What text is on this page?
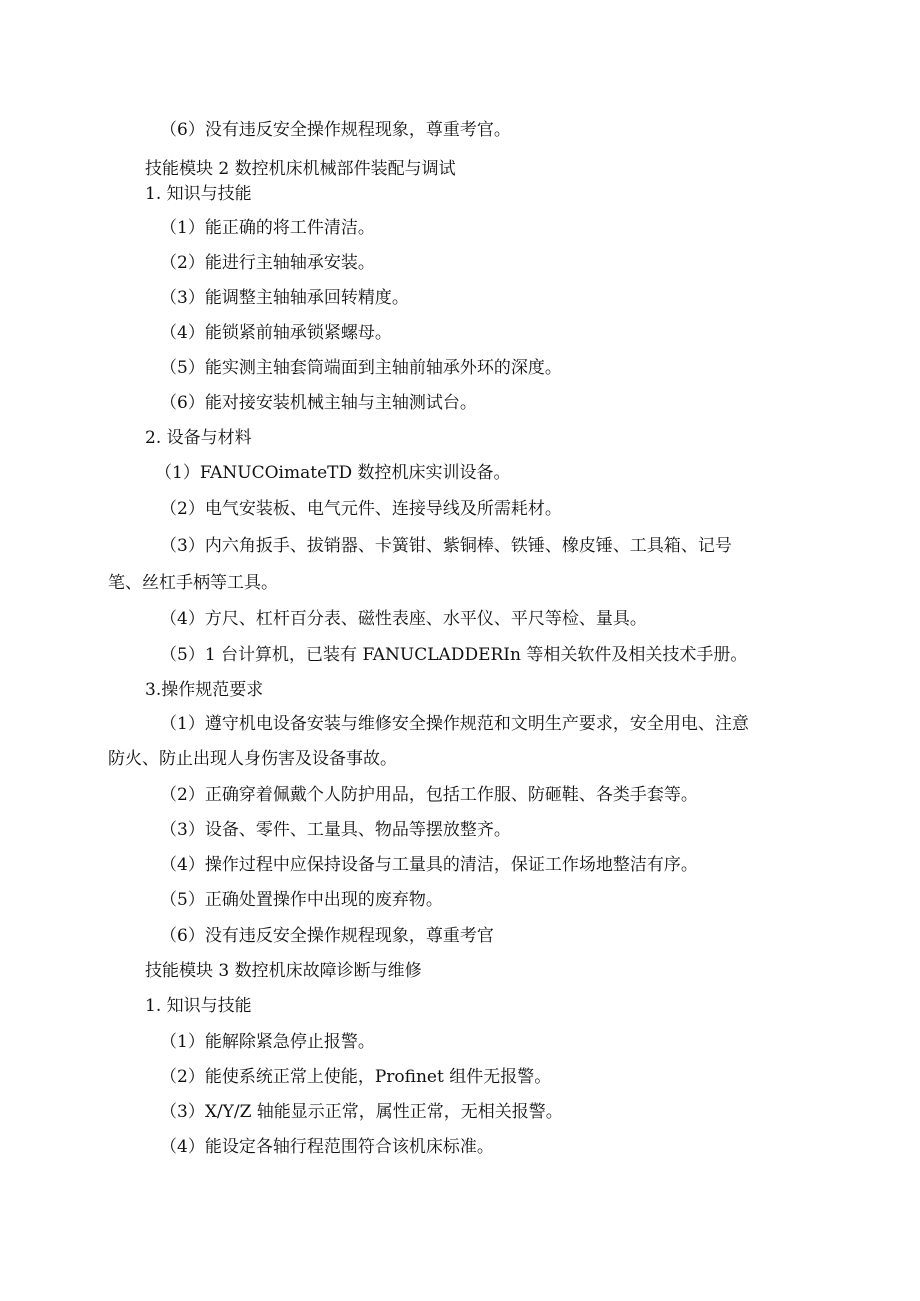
（6）没有违反安全操作规程现象，尊重考官。
技能模块 2 数控机床机械部件装配与调试
1. 知识与技能
（1）能正确的将工件清洁。
（2）能进行主轴轴承安装。
（3）能调整主轴轴承回转精度。
（4）能锁紧前轴承锁紧螺母。
（5）能实测主轴套筒端面到主轴前轴承外环的深度。
（6）能对接安装机械主轴与主轴测试台。
2. 设备与材料
（1）FANUCOimateTD 数控机床实训设备。
（2）电气安装板、电气元件、连接导线及所需耗材。
（3）内六角扳手、拔销器、卡簧钳、紫铜棒、铁锤、橡皮锤、工具箱、记号
笔、丝杠手柄等工具。
（4）方尺、杠杆百分表、磁性表座、水平仪、平尺等检、量具。
（5）1 台计算机，已装有 FANUCLADDERIn 等相关软件及相关技术手册。
3.操作规范要求
（1）遵守机电设备安装与维修安全操作规范和文明生产要求，安全用电、注意
防火、防止出现人身伤害及设备事故。
（2）正确穿着佩戴个人防护用品，包括工作服、防砸鞋、各类手套等。
（3）设备、零件、工量具、物品等摆放整齐。
（4）操作过程中应保持设备与工量具的清洁，保证工作场地整洁有序。
（5）正确处置操作中出现的废弃物。
（6）没有违反安全操作规程现象，尊重考官
技能模块 3 数控机床故障诊断与维修
1. 知识与技能
（1）能解除紧急停止报警。
（2）能使系统正常上使能，Profinet 组件无报警。
（3）X/Y/Z 轴能显示正常，属性正常，无相关报警。
（4）能设定各轴行程范围符合该机床标准。
